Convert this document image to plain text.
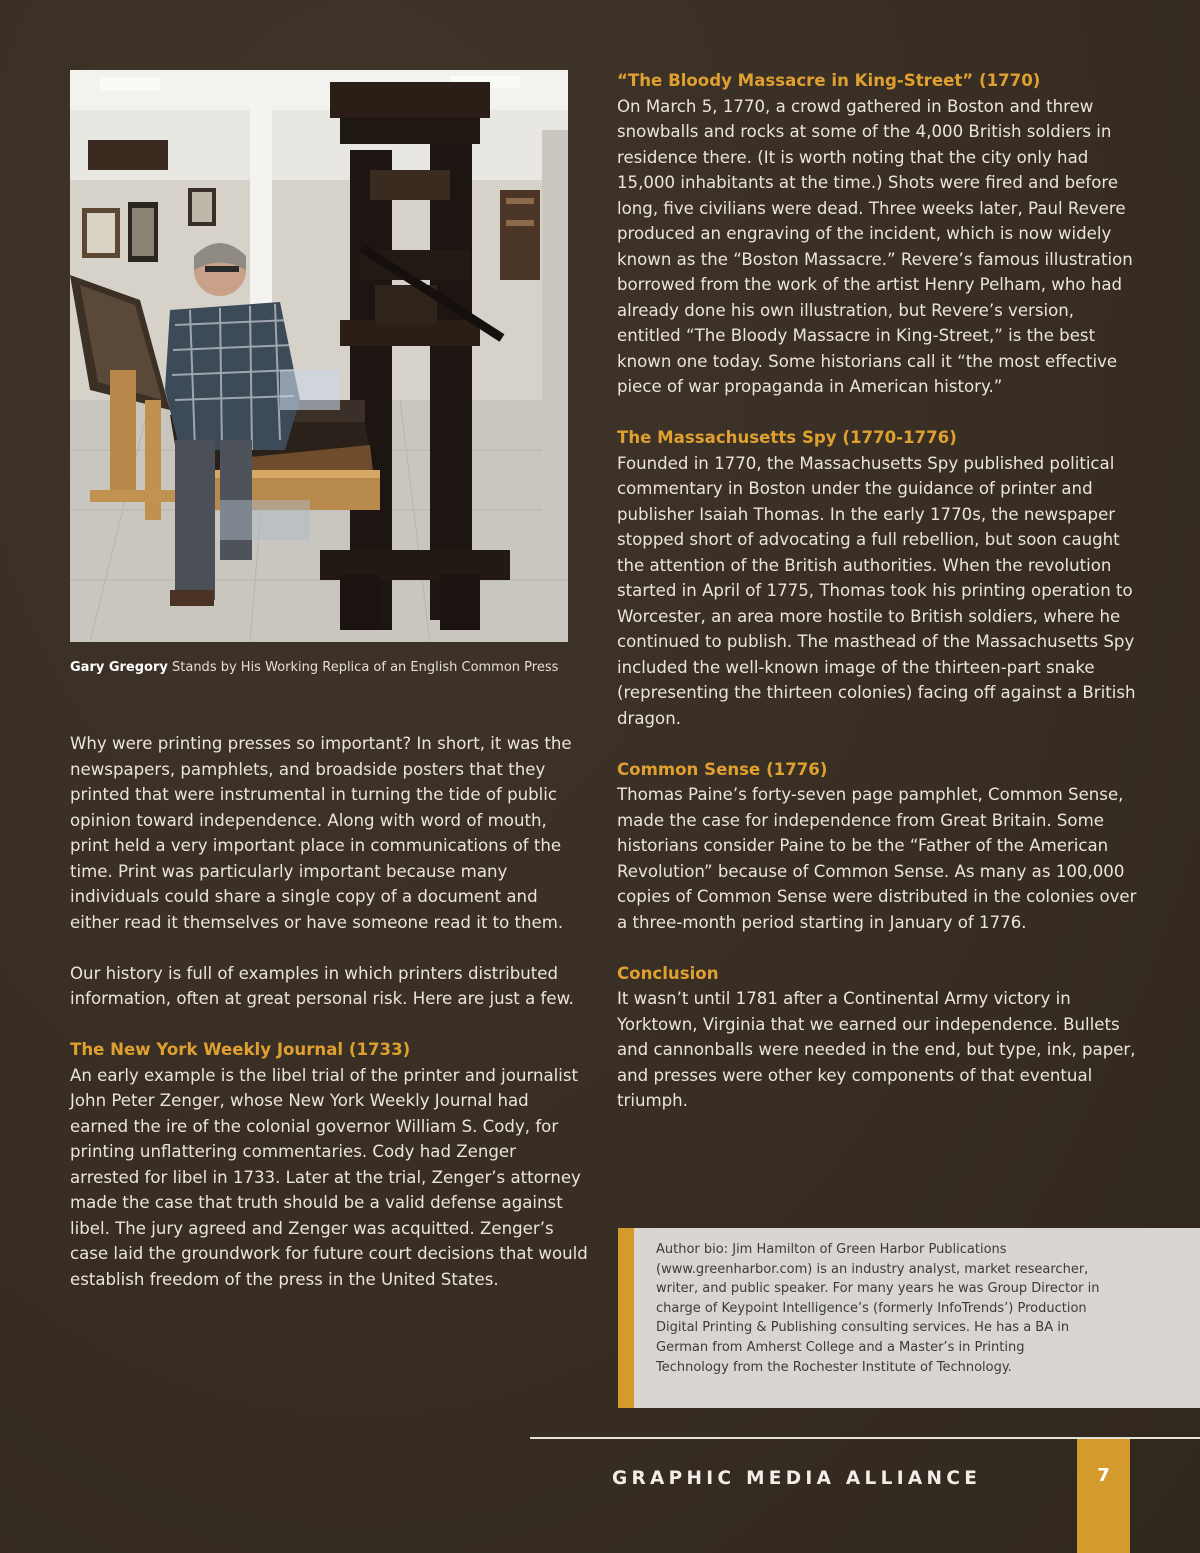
Gary Gregory Stands by His Working Replica of an English Common Press

Why were printing presses so important? In short, it was the newspapers, pamphlets, and broadside posters that they printed that were instrumental in turning the tide of public opinion toward independence. Along with word of mouth, print held a very important place in communications of the time. Print was particularly important because many individuals could share a single copy of a document and either read it themselves or have someone read it to them.

Our history is full of examples in which printers distributed information, often at great personal risk. Here are just a few.

The New York Weekly Journal (1733)

An early example is the libel trial of the printer and journalist John Peter Zenger, whose New York Weekly Journal had earned the ire of the colonial governor William S. Cody, for printing unflattering commentaries. Cody had Zenger arrested for libel in 1733. Later at the trial, Zenger’s attorney made the case that truth should be a valid defense against libel. The jury agreed and Zenger was acquitted. Zenger’s case laid the groundwork for future court decisions that would establish freedom of the press in the United States.

“The Bloody Massacre in King-Street” (1770)

On March 5, 1770, a crowd gathered in Boston and threw snowballs and rocks at some of the 4,000 British soldiers in residence there. (It is worth noting that the city only had 15,000 inhabitants at the time.) Shots were fired and before long, five civilians were dead. Three weeks later, Paul Revere produced an engraving of the incident, which is now widely known as the “Boston Massacre.” Revere’s famous illustration borrowed from the work of the artist Henry Pelham, who had already done his own illustration, but Revere’s version, entitled “The Bloody Massacre in King-Street,” is the best known one today. Some historians call it “the most effective piece of war propaganda in American history.”

The Massachusetts Spy (1770-1776)

Founded in 1770, the Massachusetts Spy published political commentary in Boston under the guidance of printer and publisher Isaiah Thomas. In the early 1770s, the newspaper stopped short of advocating a full rebellion, but soon caught the attention of the British authorities. When the revolution started in April of 1775, Thomas took his printing operation to Worcester, an area more hostile to British soldiers, where he continued to publish. The masthead of the Massachusetts Spy included the well-known image of the thirteen-part snake (representing the thirteen colonies) facing off against a British dragon.

Common Sense (1776)

Thomas Paine’s forty-seven page pamphlet, Common Sense, made the case for independence from Great Britain. Some historians consider Paine to be the “Father of the American Revolution” because of Common Sense. As many as 100,000 copies of Common Sense were distributed in the colonies over a three-month period starting in January of 1776.

Conclusion

It wasn’t until 1781 after a Continental Army victory in Yorktown, Virginia that we earned our independence. Bullets and cannonballs were needed in the end, but type, ink, paper, and presses were other key components of that eventual triumph.

Author bio: Jim Hamilton of Green Harbor Publications (www.greenharbor.com) is an industry analyst, market researcher, writer, and public speaker. For many years he was Group Director in charge of Keypoint Intelligence’s (formerly InfoTrends’) Production Digital Printing & Publishing consulting services. He has a BA in German from Amherst College and a Master’s in Printing Technology from the Rochester Institute of Technology.

GRAPHIC MEDIA ALLIANCE	7
